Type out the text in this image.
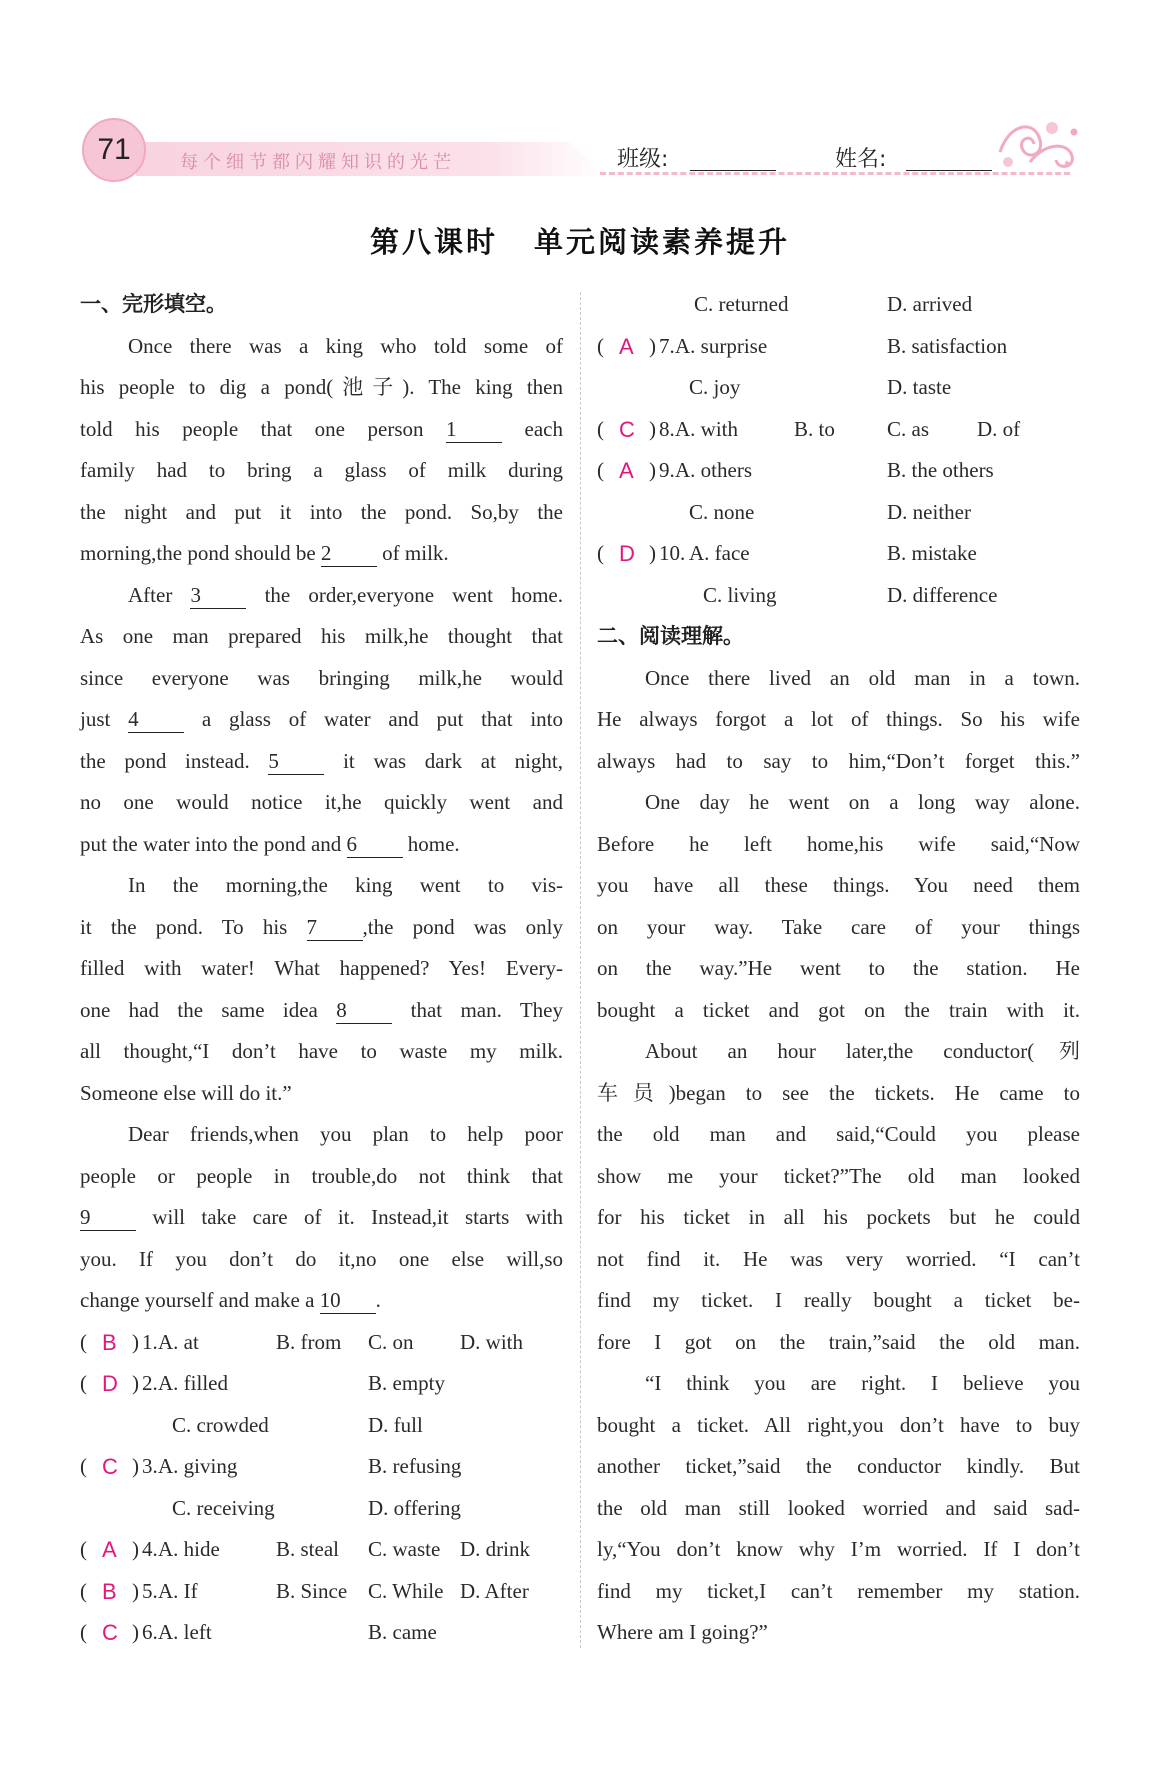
71	每个细节都闪耀知识的光芒	班级:	姓名:
第八课时 单元阅读素养提升
一、完形填空。
Once there was a king who told some of
his people to dig a pond(池子). The king then
told his people that one person 1 each
family had to bring a glass of milk during
the night and put it into the pond. So,by the
morning,the pond should be 2 of milk.
After 3 the order,everyone went home.
As one man prepared his milk,he thought that
since everyone was bringing milk,he would
just 4 a glass of water and put that into
the pond instead. 5 it was dark at night,
no one would notice it,he quickly went and
put the water into the pond and 6 home.
In the morning,the king went to vis-
it the pond. To his 7 ,the pond was only
filled with water! What happened? Yes! Every-
one had the same idea 8 that man. They
all thought,“I don’t have to waste my milk.
Someone else will do it.”
Dear friends,when you plan to help poor
people or people in trouble,do not think that
9 will take care of it. Instead,it starts with
you. If you don’t do it,no one else will,so
change yourself and make a 10 .
( B ) 1. A. at	B. from C. on D. with
( D ) 2. A. filled	B. empty
C. crowded	D. full
( C ) 3. A. giving	B. refusing
C. receiving	D. offering
( A ) 4. A. hide	B. steal C. waste D. drink
( B ) 5. A. If	B. Since C. While D. After
( C ) 6. A. left	B. came
C. returned	D. arrived
( A ) 7. A. surprise	B. satisfaction
C. joy	D. taste
( C ) 8. A. with	B. to C. as D. of
( A ) 9. A. others	B. the others
C. none	D. neither
( D ) 10. A. face	B. mistake
C. living	D. difference
二、阅读理解。
Once there lived an old man in a town.
He always forgot a lot of things. So his wife
always had to say to him,“Don’t forget this.”
One day he went on a long way alone.
Before he left home,his wife said,“Now
you have all these things. You need them
on your way. Take care of your things
on the way.”He went to the station. He
bought a ticket and got on the train with it.
About an hour later,the conductor(列
车员)began to see the tickets. He came to
the old man and said,“Could you please
show me your ticket?”The old man looked
for his ticket in all his pockets but he could
not find it. He was very worried. “I can’t
find my ticket. I really bought a ticket be-
fore I got on the train,”said the old man.
“I think you are right. I believe you
bought a ticket. All right,you don’t have to buy
another ticket,”said the conductor kindly. But
the old man still looked worried and said sad-
ly,“You don’t know why I’m worried. If I don’t
find my ticket,I can’t remember my station.
Where am I going?”
